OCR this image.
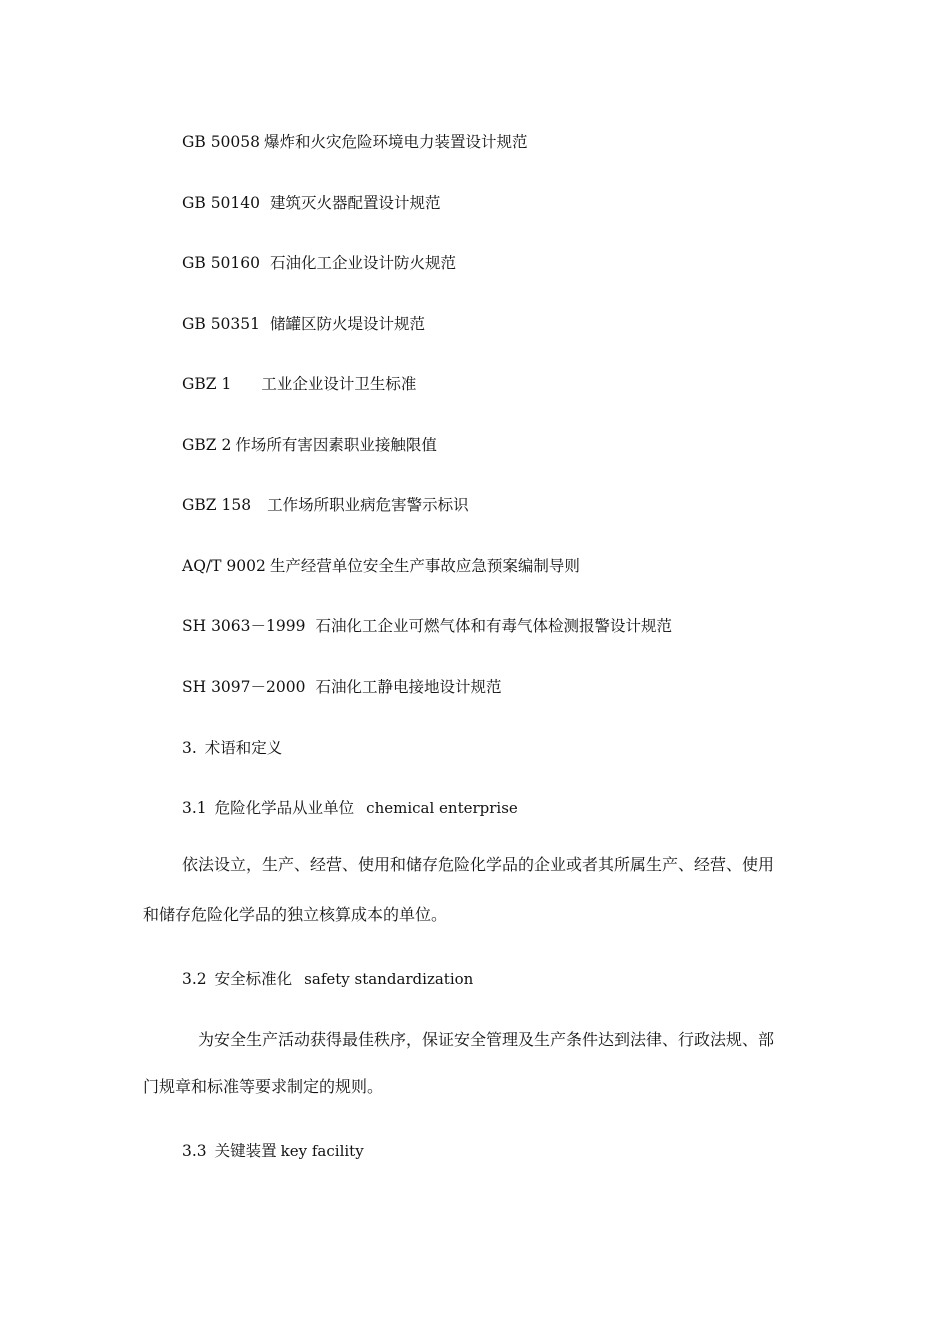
GB 50058 爆炸和火灾危险环境电力装置设计规范
GB 50140 建筑灭火器配置设计规范
GB 50160 石油化工企业设计防火规范
GB 50351 储罐区防火堤设计规范
GBZ 1 工业企业设计卫生标准
GBZ 2 作场所有害因素职业接触限值
GBZ 158 工作场所职业病危害警示标识
AQ/T 9002 生产经营单位安全生产事故应急预案编制导则
SH 3063－1999 石油化工企业可燃气体和有毒气体检测报警设计规范
SH 3097－2000 石油化工静电接地设计规范
3. 术语和定义
3.1 危险化学品从业单位 chemical enterprise
依法设立，生产、经营、使用和储存危险化学品的企业或者其所属生产、经营、使用
和储存危险化学品的独立核算成本的单位。
3.2 安全标准化 safety standardization
为安全生产活动获得最佳秩序，保证安全管理及生产条件达到法律、行政法规、部
门规章和标准等要求制定的规则。
3.3 关键装置 key facility
